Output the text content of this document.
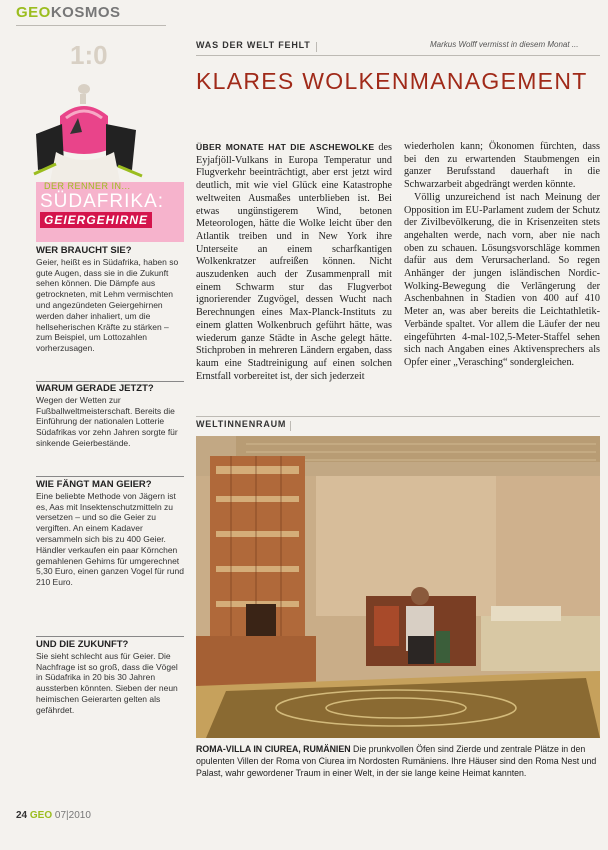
GEOKOSMOS
WAS DER WELT FEHLT	Markus Wolff vermisst in diesem Monat ...
KLARES WOLKENMANAGEMENT

ÜBER MONATE HAT DIE ASCHEWOLKE des Eyjafjöll-Vulkans in Europa Temperatur und Flugverkehr beeinträchtigt, aber erst jetzt wird deutlich, mit wie viel Glück eine Katastrophe weltweiten Ausmaßes unterblieben ist. Bei etwas ungünstigerem Wind, betonen Meteorologen, hätte die Wolke leicht über den Atlantik treiben und in New York ihre Unterseite an einem scharfkantigen Wolkenkratzer aufreißen können. Nicht auszudenken auch der Zusammenprall mit einem Schwarm stur das Flugverbot ignorierender Zugvögel, dessen Wucht nach Berechnungen eines Max-Planck-Instituts zu einem glatten Wolkenbruch geführt hätte, was wiederum ganze Städte in Asche gelegt hätte. Stichproben in mehreren Ländern ergaben, dass kaum eine Stadtreinigung auf einen solchen Ernstfall vorbereitet ist, der sich jederzeit

wiederholen kann; Ökonomen fürchten, dass bei den zu erwartenden Staubmengen ein ganzer Berufsstand dauerhaft in die Schwarzarbeit abgedrängt werden könnte.

Völlig unzureichend ist nach Meinung der Opposition im EU-Parlament zudem der Schutz der Zivilbevölkerung, die in Krisenzeiten stets angehalten werde, nach vorn, aber nie nach oben zu schauen. Lösungsvorschläge kommen dafür aus dem Verursacherland. So regen Anhänger der jungen isländischen Nordic-Wolking-Bewegung die Verlängerung der Aschenbahnen in Stadien von 400 auf 410 Meter an, was aber bereits die Leichtathletik-Verbände spaltet. Vor allem die Läufer der neu eingeführten 4-mal-102,5-Meter-Staffel sehen sich nach Angaben eines Aktivensprechers als Opfer einer „Verasching“ sondergleichen.

WELTINNENRAUM
ROMA-VILLA IN CIUREA, RUMÄNIEN Die prunkvollen Öfen sind Zierde und zentrale Plätze in den opulenten Villen der Roma von Ciurea im Nordosten Rumäniens. Ihre Häuser sind den Roma Nest und Palast, wahr gewordener Traum in einer Welt, in der sie lange keine Heimat kannten.
1:0
DER RENNER IN...
SÜDAFRIKA:
GEIERGEHIRNE
WER BRAUCHT SIE?

Geier, heißt es in Südafrika, haben so gute Augen, dass sie in die Zukunft sehen können. Die Dämpfe aus getrockneten, mit Lehm vermischten und angezündeten Geiergehirnen werden daher inhaliert, um die hellseherischen Kräfte zu stärken – zum Beispiel, um Lottozahlen vorherzusagen.

WARUM GERADE JETZT?

Wegen der Wetten zur Fußballweltmeisterschaft. Bereits die Einführung der nationalen Lotterie Südafrikas vor zehn Jahren sorgte für sinkende Geierbestände.

WIE FÄNGT MAN GEIER?

Eine beliebte Methode von Jägern ist es, Aas mit Insektenschutzmitteln zu versetzen – und so die Geier zu vergiften. An einem Kadaver versammeln sich bis zu 400 Geier. Händler verkaufen ein paar Körnchen gemahlenen Gehirns für umgerechnet 5,30 Euro, einen ganzen Vogel für rund 210 Euro.

UND DIE ZUKUNFT?

Sie sieht schlecht aus für Geier. Die Nachfrage ist so groß, dass die Vögel in Südafrika in 20 bis 30 Jahren aussterben könnten. Sieben der neun heimischen Geierarten gelten als gefährdet.

24 GEO 07|2010
